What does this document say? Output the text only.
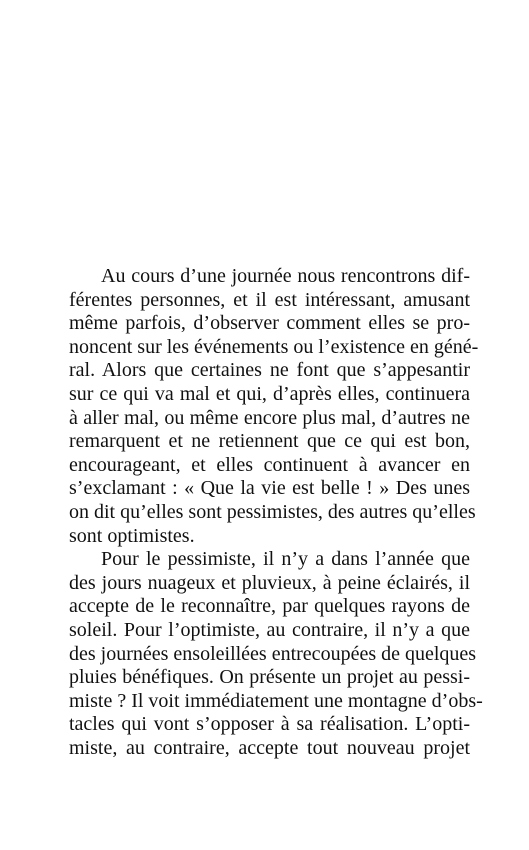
Au cours d’une journée nous rencontrons dif-
férentes personnes, et il est intéressant, amusant
même parfois, d’observer comment elles se pro-
noncent sur les événements ou l’existence en géné-
ral. Alors que certaines ne font que s’appesantir
sur ce qui va mal et qui, d’après elles, continuera
à aller mal, ou même encore plus mal, d’autres ne
remarquent et ne retiennent que ce qui est bon,
encourageant, et elles continuent à avancer en
s’exclamant : « Que la vie est belle ! » Des unes
on dit qu’elles sont pessimistes, des autres qu’elles
sont optimistes.
Pour le pessimiste, il n’y a dans l’année que
des jours nuageux et pluvieux, à peine éclairés, il
accepte de le reconnaître, par quelques rayons de
soleil. Pour l’optimiste, au contraire, il n’y a que
des journées ensoleillées entrecoupées de quelques
pluies bénéfiques. On présente un projet au pessi-
miste ? Il voit immédiatement une montagne d’obs-
tacles qui vont s’opposer à sa réalisation. L’opti-
miste, au contraire, accepte tout nouveau projet
